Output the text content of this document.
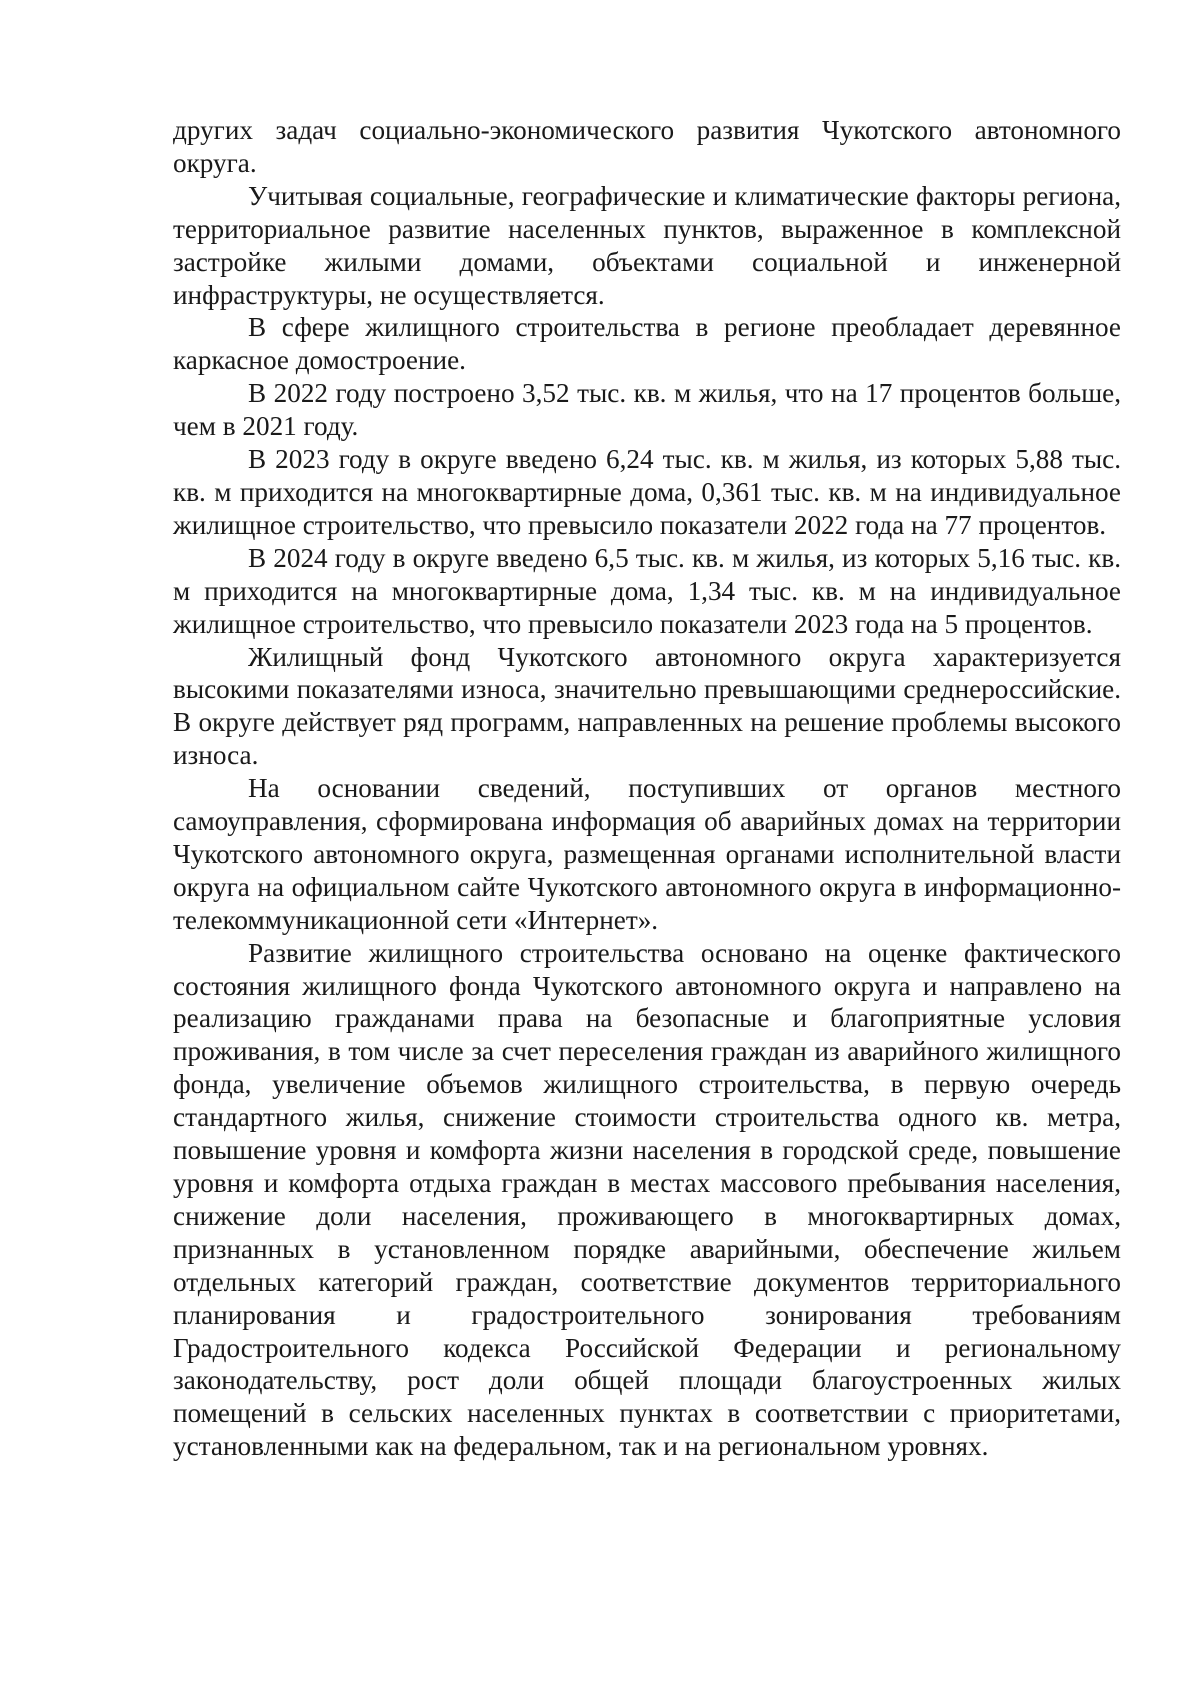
других задач социально-экономического развития Чукотского автономного округа.

Учитывая социальные, географические и климатические факторы региона, территориальное развитие населенных пунктов, выраженное в комплексной застройке жилыми домами, объектами социальной и инженерной инфраструктуры, не осуществляется.

В сфере жилищного строительства в регионе преобладает деревянное каркасное домостроение.

В 2022 году построено 3,52 тыс. кв. м жилья, что на 17 процентов больше, чем в 2021 году.

В 2023 году в округе введено 6,24 тыс. кв. м жилья, из которых 5,88 тыс. кв. м приходится на многоквартирные дома, 0,361 тыс. кв. м на индивидуальное жилищное строительство, что превысило показатели 2022 года на 77 процентов.

В 2024 году в округе введено 6,5 тыс. кв. м жилья, из которых 5,16 тыс. кв. м приходится на многоквартирные дома, 1,34 тыс. кв. м на индивидуальное жилищное строительство, что превысило показатели 2023 года на 5 процентов.

Жилищный фонд Чукотского автономного округа характеризуется высокими показателями износа, значительно превышающими среднероссийские. В округе действует ряд программ, направленных на решение проблемы высокого износа.

На основании сведений, поступивших от органов местного самоуправления, сформирована информация об аварийных домах на территории Чукотского автономного округа, размещенная органами исполнительной власти округа на официальном сайте Чукотского автономного округа в информационно-телекоммуникационной сети «Интернет».

Развитие жилищного строительства основано на оценке фактического состояния жилищного фонда Чукотского автономного округа и направлено на реализацию гражданами права на безопасные и благоприятные условия проживания, в том числе за счет переселения граждан из аварийного жилищного фонда, увеличение объемов жилищного строительства, в первую очередь стандартного жилья, снижение стоимости строительства одного кв. метра, повышение уровня и комфорта жизни населения в городской среде, повышение уровня и комфорта отдыха граждан в местах массового пребывания населения, снижение доли населения, проживающего в многоквартирных домах, признанных в установленном порядке аварийными, обеспечение жильем отдельных категорий граждан, соответствие документов территориального планирования и градостроительного зонирования требованиям Градостроительного кодекса Российской Федерации и региональному законодательству, рост доли общей площади благоустроенных жилых помещений в сельских населенных пунктах в соответствии с приоритетами, установленными как на федеральном, так и на региональном уровнях.
